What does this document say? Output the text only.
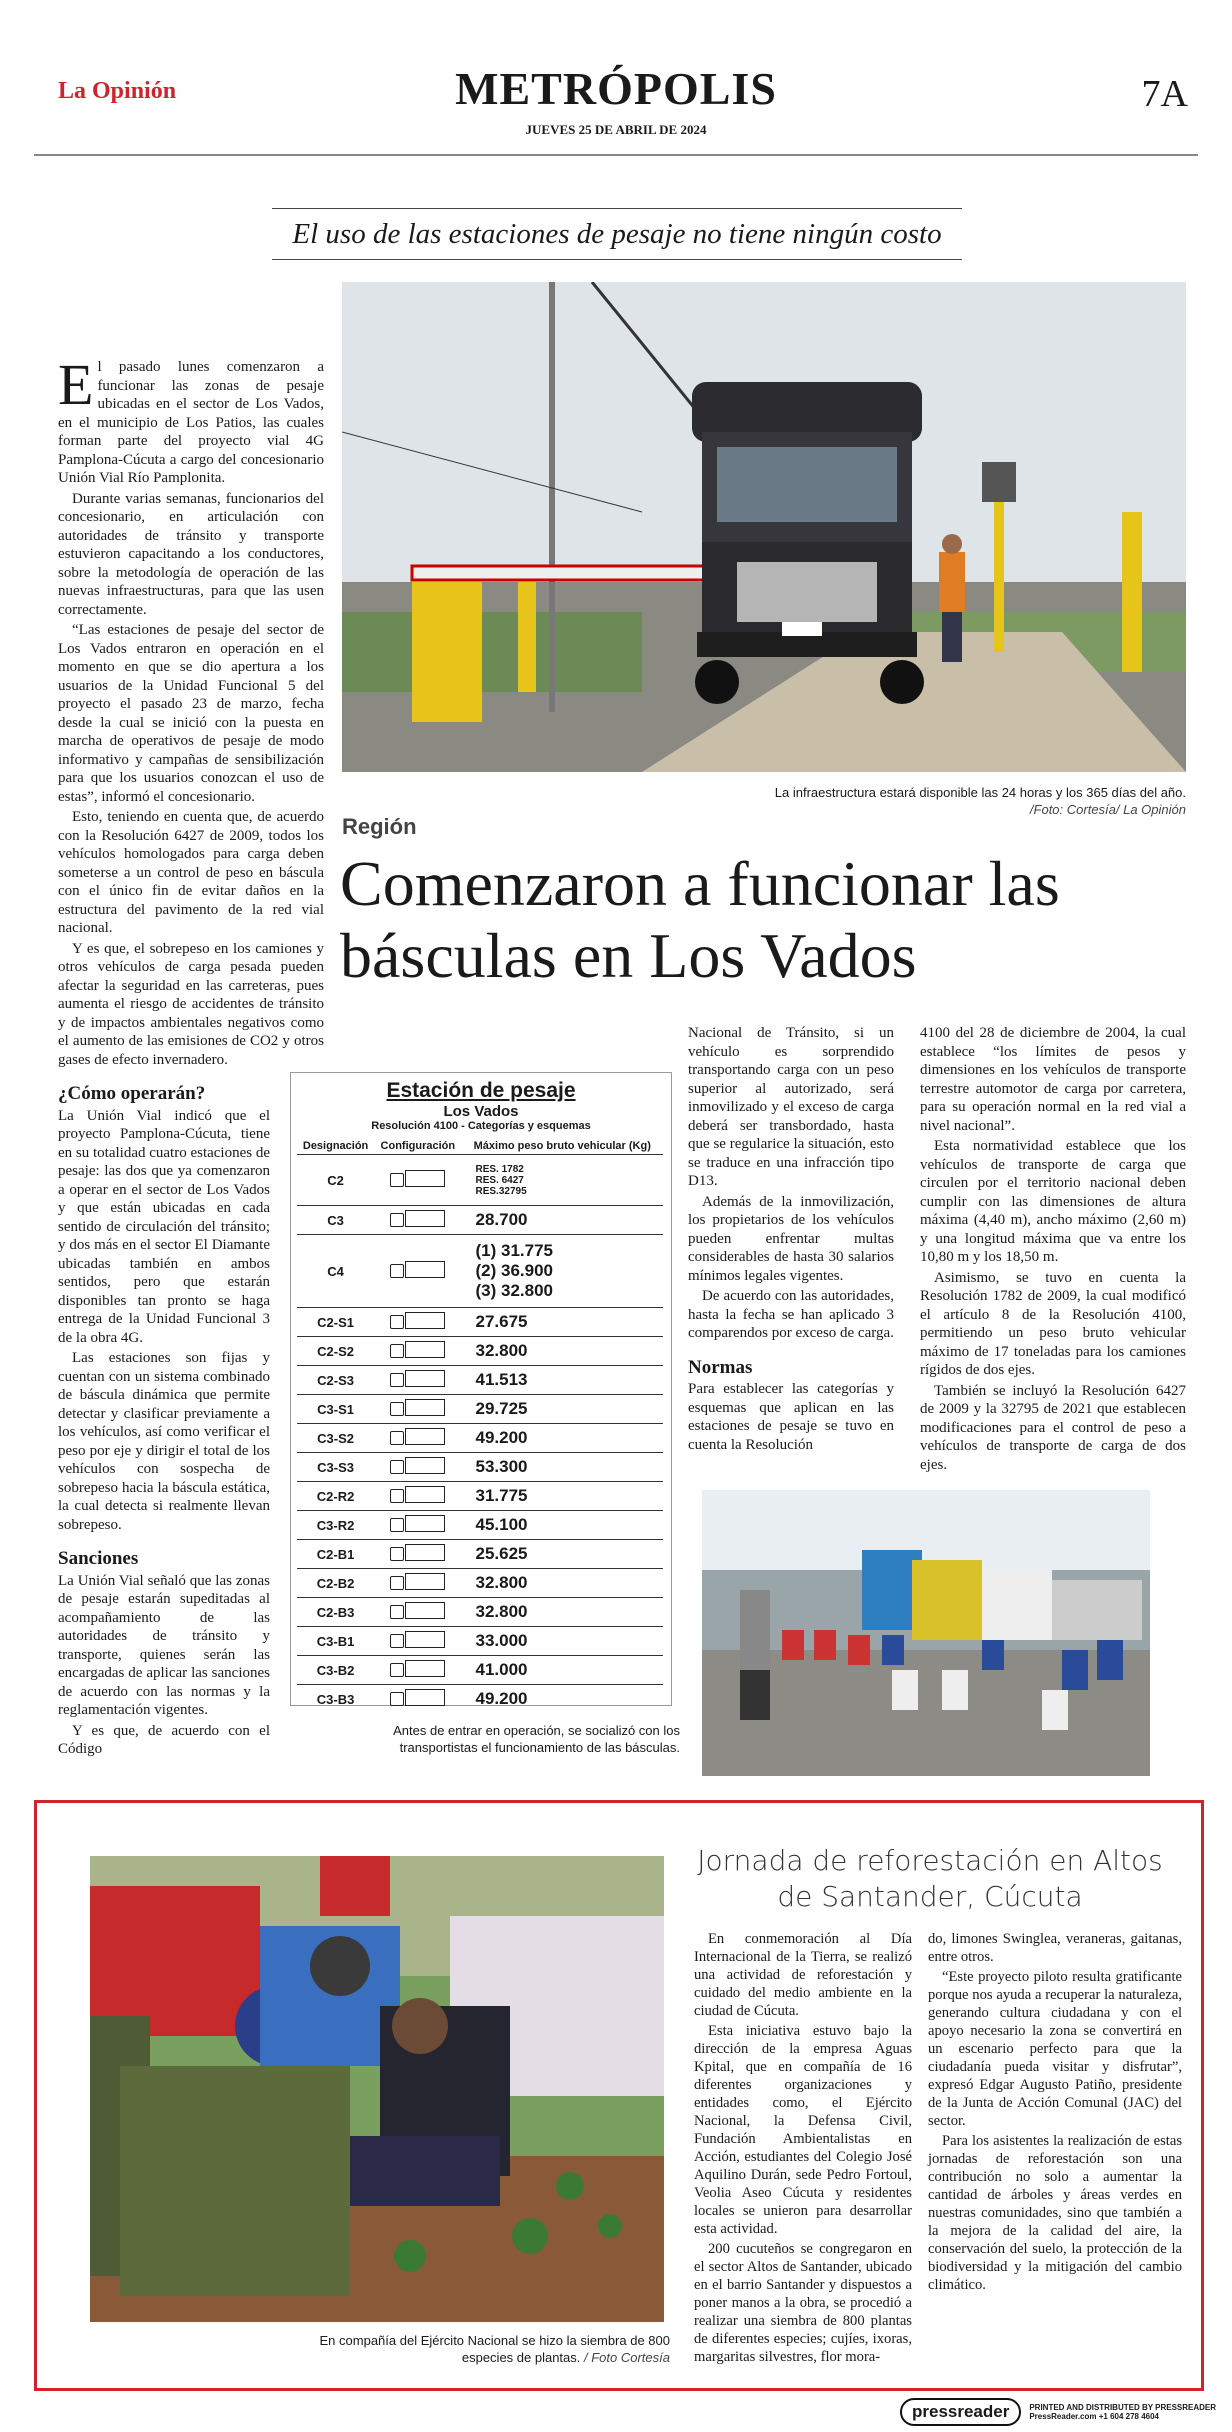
La Opinión	METRÓPOLIS
JUEVES 25 DE ABRIL DE 2024
7A
El uso de las estaciones de pesaje no tiene ningún costo
La infraestructura estará disponible las 24 horas y los 365 días del año. /Foto: Cortesía/ La Opinión
Región
Comenzaron a funcionar las básculas en Los Vados

El pasado lunes comenzaron a funcionar las zonas de pesaje ubicadas en el sector de Los Vados, en el municipio de Los Patios, las cuales forman parte del proyecto vial 4G Pamplona-Cúcuta a cargo del concesionario Unión Vial Río Pamplonita.

Durante varias semanas, funcionarios del concesionario, en articulación con autoridades de tránsito y transporte estuvieron capacitando a los conductores, sobre la metodología de operación de las nuevas infraestructuras, para que las usen correctamente.

“Las estaciones de pesaje del sector de Los Vados entraron en operación en el momento en que se dio apertura a los usuarios de la Unidad Funcional 5 del proyecto el pasado 23 de marzo, fecha desde la cual se inició con la puesta en marcha de operativos de pesaje de modo informativo y campañas de sensibilización para que los usuarios conozcan el uso de estas”, informó el concesionario.

Esto, teniendo en cuenta que, de acuerdo con la Resolución 6427 de 2009, todos los vehículos homologados para carga deben someterse a un control de peso en báscula con el único fin de evitar daños en la estructura del pavimento de la red vial nacional.

Y es que, el sobrepeso en los camiones y otros vehículos de carga pesada pueden afectar la seguridad en las carreteras, pues aumenta el riesgo de accidentes de tránsito y de impactos ambientales negativos como el aumento de las emisiones de CO2 y otros gases de efecto invernadero.

¿Cómo operarán?

La Unión Vial indicó que el proyecto Pamplona-Cúcuta, tiene en su totalidad cuatro estaciones de pesaje: las dos que ya comenzaron a operar en el sector de Los Vados y que están ubicadas en cada sentido de circulación del tránsito; y dos más en el sector El Diamante ubicadas también en ambos sentidos, pero que estarán disponibles tan pronto se haga entrega de la Unidad Funcional 3 de la obra 4G.

Las estaciones son fijas y cuentan con un sistema combinado de báscula dinámica que permite detectar y clasificar previamente a los vehículos, así como verificar el peso por eje y dirigir el total de los vehículos con sospecha de sobrepeso hacia la báscula estática, la cual detecta si realmente llevan sobrepeso.

Sanciones

La Unión Vial señaló que las zonas de pesaje estarán supeditadas al acompañamiento de las autoridades de tránsito y transporte, quienes serán las encargadas de aplicar las sanciones de acuerdo con las normas y la reglamentación vigentes.

Y es que, de acuerdo con el Código

Estación de pesaje
Los Vados
Resolución 4100 - Categorías y esquemas
Designación	Configuración	Máximo peso bruto vehicular (Kg)
C2		RES. 1782
RES. 6427
RES.32795
C3		28.700
C4		(1) 31.775
(2) 36.900
(3) 32.800
C2-S1		27.675
C2-S2		32.800
C2-S3		41.513
C3-S1		29.725
C3-S2		49.200
C3-S3		53.300
C2-R2		31.775
C3-R2		45.100
C2-B1		25.625
C2-B2		32.800
C2-B3		32.800
C3-B1		33.000
C3-B2		41.000
C3-B3		49.200
Antes de entrar en operación, se socializó con los transportistas el funcionamiento de las básculas.

Nacional de Tránsito, si un vehículo es sorprendido transportando carga con un peso superior al autorizado, será inmovilizado y el exceso de carga deberá ser transbordado, hasta que se regularice la situación, esto se traduce en una infracción tipo D13.

Además de la inmovilización, los propietarios de los vehículos pueden enfrentar multas considerables de hasta 30 salarios mínimos legales vigentes.

De acuerdo con las autoridades, hasta la fecha se han aplicado 3 comparendos por exceso de carga.

Normas

Para establecer las categorías y esquemas que aplican en las estaciones de pesaje se tuvo en cuenta la Resolución

4100 del 28 de diciembre de 2004, la cual establece “los límites de pesos y dimensiones en los vehículos de transporte terrestre automotor de carga por carretera, para su operación normal en la red vial a nivel nacional”.

Esta normatividad establece que los vehículos de transporte de carga que circulen por el territorio nacional deben cumplir con las dimensiones de altura máxima (4,40 m), ancho máximo (2,60 m) y una longitud máxima que va entre los 10,80 m y los 18,50 m.

Asimismo, se tuvo en cuenta la Resolución 1782 de 2009, la cual modificó el artículo 8 de la Resolución 4100, permitiendo un peso bruto vehicular máximo de 17 toneladas para los camiones rígidos de dos ejes.

También se incluyó la Resolución 6427 de 2009 y la 32795 de 2021 que establecen modificaciones para el control de peso a vehículos de transporte de carga de dos ejes.

En compañía del Ejército Nacional se hizo la siembra de 800 especies de plantas. / Foto Cortesía
Jornada de reforestación en Altos de Santander, Cúcuta

En conmemoración al Día Internacional de la Tierra, se realizó una actividad de reforestación y cuidado del medio ambiente en la ciudad de Cúcuta.

Esta iniciativa estuvo bajo la dirección de la empresa Aguas Kpital, que en compañía de 16 diferentes organizaciones y entidades como, el Ejército Nacional, la Defensa Civil, Fundación Ambientalistas en Acción, estudiantes del Colegio José Aquilino Durán, sede Pedro Fortoul, Veolia Aseo Cúcuta y residentes locales se unieron para desarrollar esta actividad.

200 cucuteños se congregaron en el sector Altos de Santander, ubicado en el barrio Santander y dispuestos a poner manos a la obra, se procedió a realizar una siembra de 800 plantas de diferentes especies; cujíes, ixoras, margaritas silvestres, flor mora-

do, limones Swinglea, veraneras, gaitanas, entre otros.

“Este proyecto piloto resulta gratificante porque nos ayuda a recuperar la naturaleza, generando cultura ciudadana y con el apoyo necesario la zona se convertirá en un escenario perfecto para que la ciudadanía pueda visitar y disfrutar”, expresó Edgar Augusto Patiño, presidente de la Junta de Acción Comunal (JAC) del sector.

Para los asistentes la realización de estas jornadas de reforestación son una contribución no solo a aumentar la cantidad de árboles y áreas verdes en nuestras comunidades, sino que también a la mejora de la calidad del aire, la conservación del suelo, la protección de la biodiversidad y la mitigación del cambio climático.

pressreader	PRINTED AND DISTRIBUTED BY PRESSREADER
PressReader.com +1 604 278 4604
